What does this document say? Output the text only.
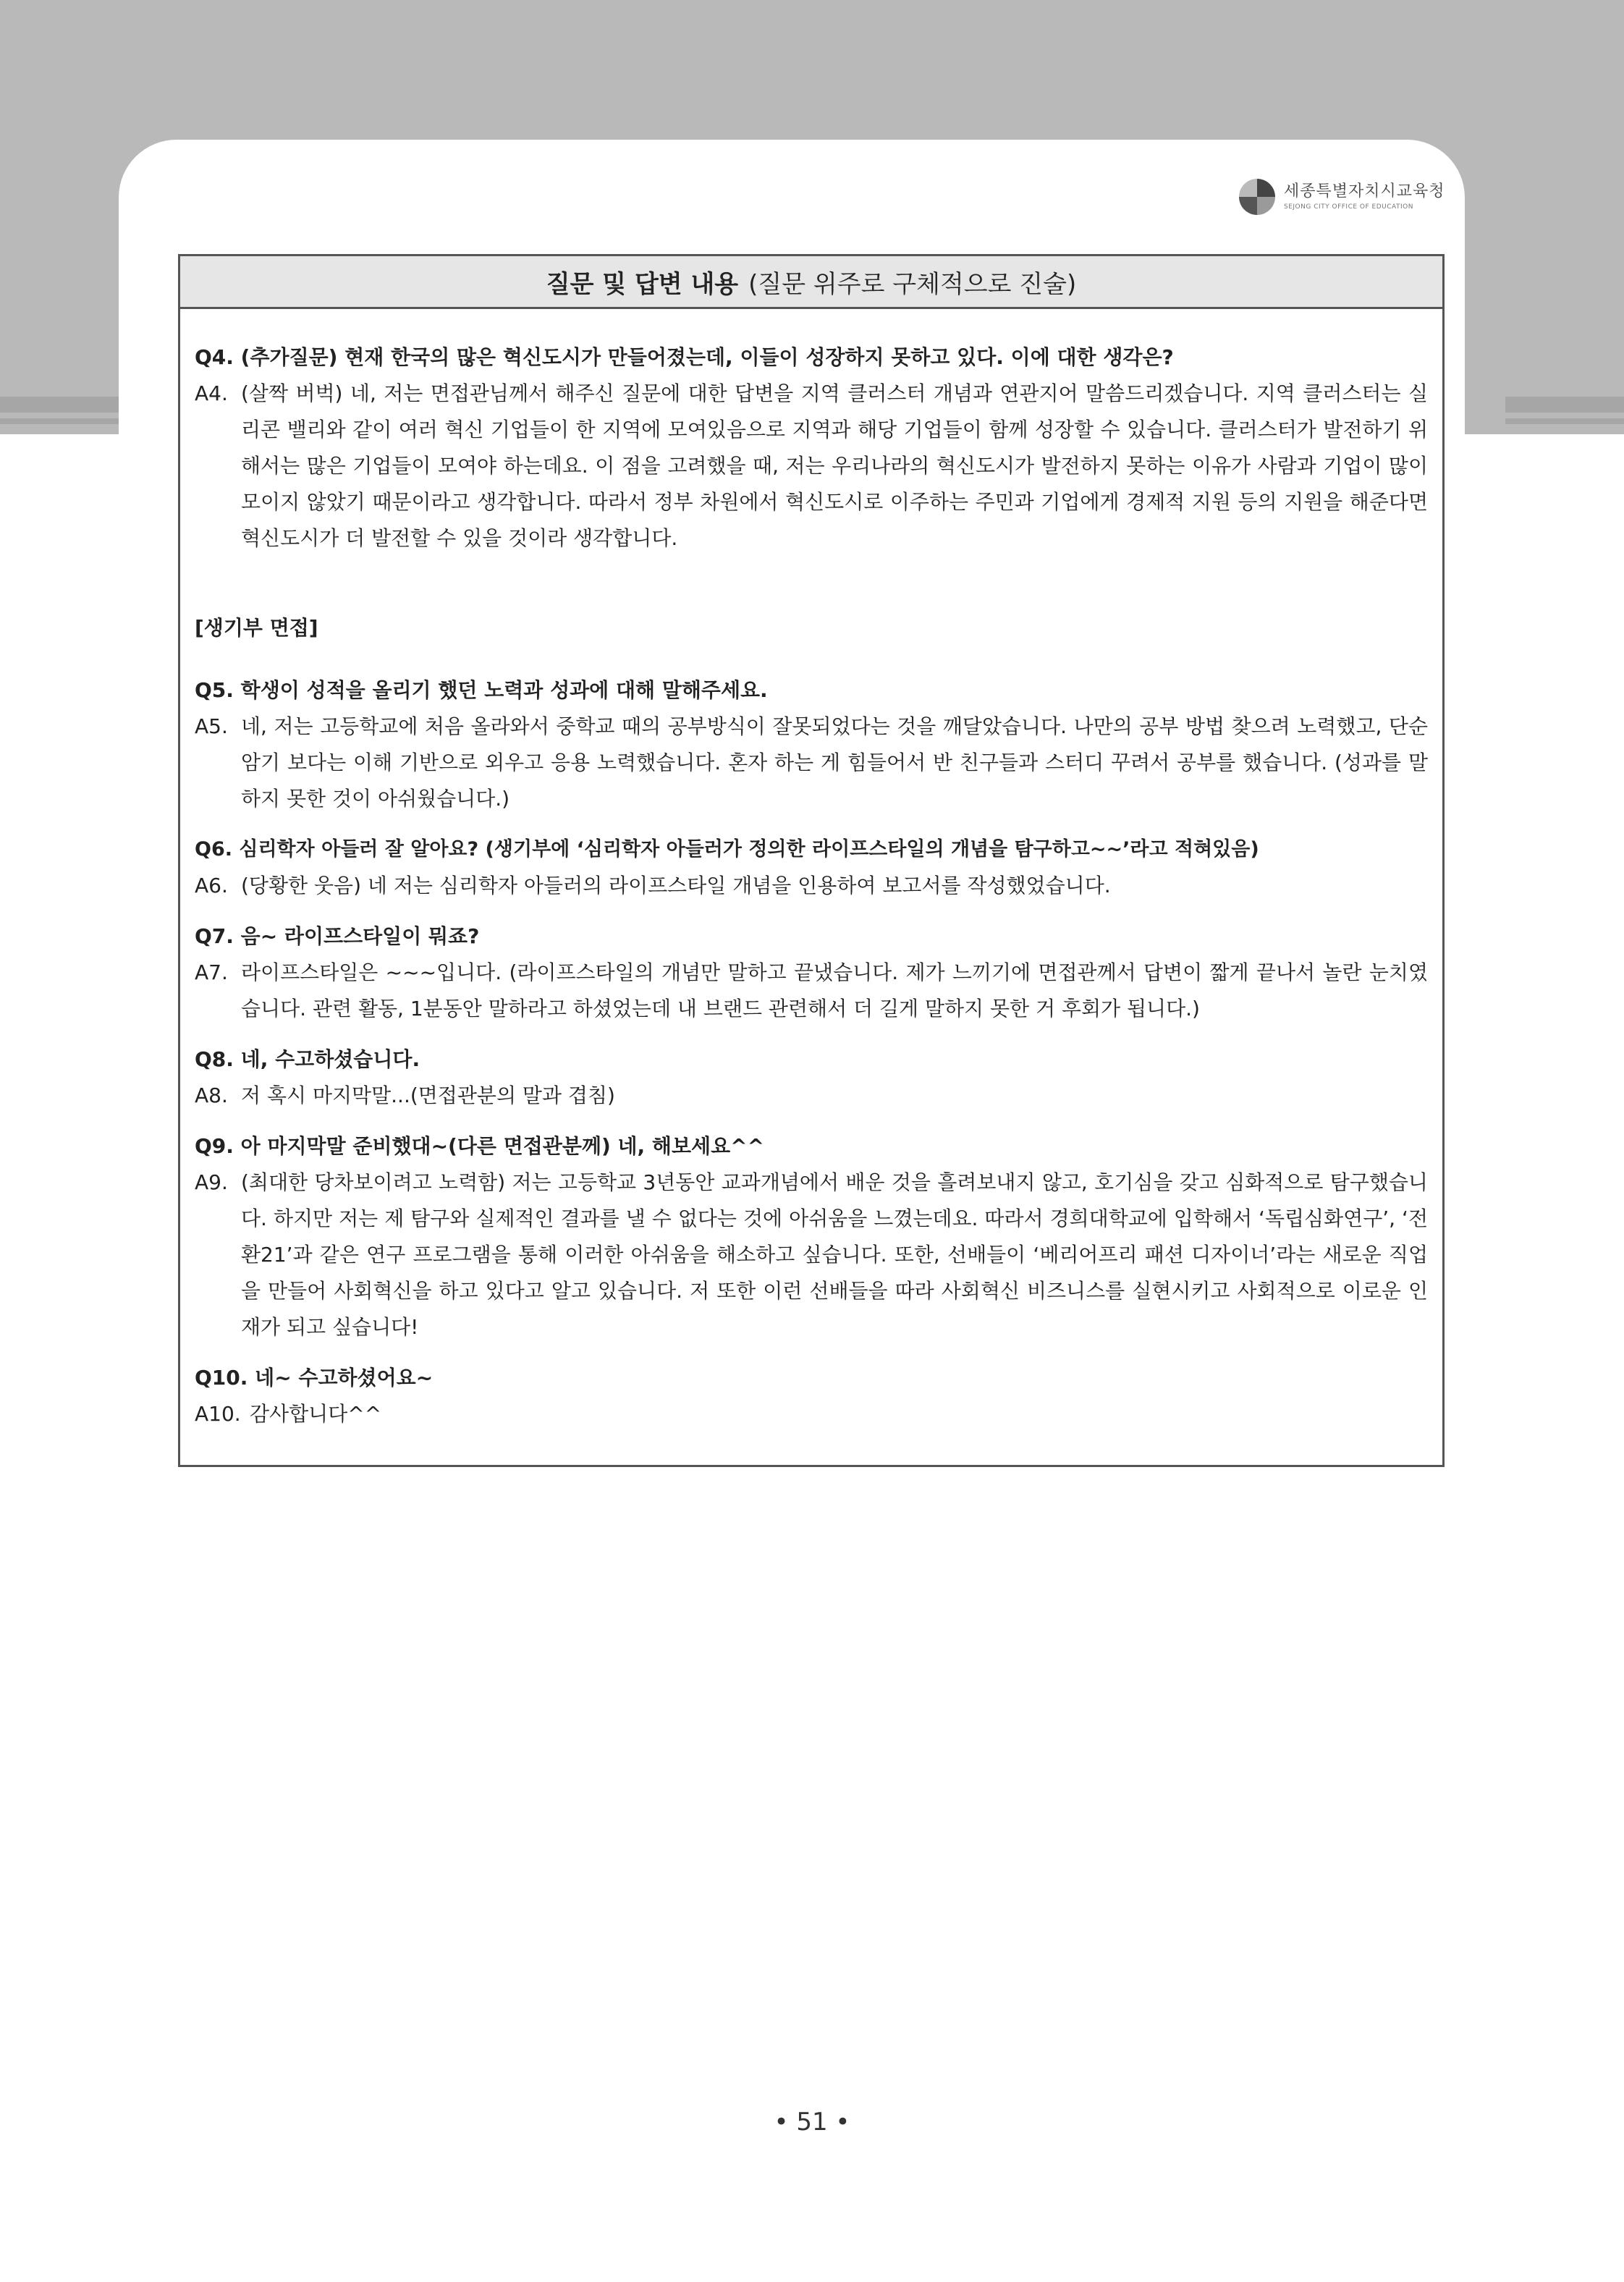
세종특별자치시교육청
SEJONG CITY OFFICE OF EDUCATION
질문 및 답변 내용 (질문 위주로 구체적으로 진술)

Q4. (추가질문) 현재 한국의 많은 혁신도시가 만들어졌는데, 이들이 성장하지 못하고 있다. 이에 대한 생각은?

A4. (살짝 버벅) 네, 저는 면접관님께서 해주신 질문에 대한 답변을 지역 클러스터 개념과 연관지어 말씀드리겠습니다. 지역 클러스터는 실리콘 밸리와 같이 여러 혁신 기업들이 한 지역에 모여있음으로 지역과 해당 기업들이 함께 성장할 수 있습니다. 클러스터가 발전하기 위해서는 많은 기업들이 모여야 하는데요. 이 점을 고려했을 때, 저는 우리나라의 혁신도시가 발전하지 못하는 이유가 사람과 기업이 많이 모이지 않았기 때문이라고 생각합니다. 따라서 정부 차원에서 혁신도시로 이주하는 주민과 기업에게 경제적 지원 등의 지원을 해준다면 혁신도시가 더 발전할 수 있을 것이라 생각합니다.

[생기부 면접]

Q5. 학생이 성적을 올리기 했던 노력과 성과에 대해 말해주세요.

A5. 네, 저는 고등학교에 처음 올라와서 중학교 때의 공부방식이 잘못되었다는 것을 깨달았습니다. 나만의 공부 방법 찾으려 노력했고, 단순암기 보다는 이해 기반으로 외우고 응용 노력했습니다. 혼자 하는 게 힘들어서 반 친구들과 스터디 꾸려서 공부를 했습니다. (성과를 말하지 못한 것이 아쉬웠습니다.)

Q6. 심리학자 아들러 잘 알아요? (생기부에 ‘심리학자 아들러가 정의한 라이프스타일의 개념을 탐구하고~~’라고 적혀있음)

A6. (당황한 웃음) 네 저는 심리학자 아들러의 라이프스타일 개념을 인용하여 보고서를 작성했었습니다.

Q7. 음~ 라이프스타일이 뭐죠?

A7. 라이프스타일은 ~~~입니다. (라이프스타일의 개념만 말하고 끝냈습니다. 제가 느끼기에 면접관께서 답변이 짧게 끝나서 놀란 눈치였습니다. 관련 활동, 1분동안 말하라고 하셨었는데 내 브랜드 관련해서 더 길게 말하지 못한 거 후회가 됩니다.)

Q8. 네, 수고하셨습니다.

A8. 저 혹시 마지막말...(면접관분의 말과 겹침)

Q9. 아 마지막말 준비했대~(다른 면접관분께) 네, 해보세요^^

A9. (최대한 당차보이려고 노력함) 저는 고등학교 3년동안 교과개념에서 배운 것을 흘려보내지 않고, 호기심을 갖고 심화적으로 탐구했습니다. 하지만 저는 제 탐구와 실제적인 결과를 낼 수 없다는 것에 아쉬움을 느꼈는데요. 따라서 경희대학교에 입학해서 ‘독립심화연구’, ‘전환21’과 같은 연구 프로그램을 통해 이러한 아쉬움을 해소하고 싶습니다. 또한, 선배들이 ‘베리어프리 패션 디자이너’라는 새로운 직업을 만들어 사회혁신을 하고 있다고 알고 있습니다. 저 또한 이런 선배들을 따라 사회혁신 비즈니스를 실현시키고 사회적으로 이로운 인재가 되고 싶습니다!

Q10. 네~ 수고하셨어요~

A10. 감사합니다^^
• 51 •
